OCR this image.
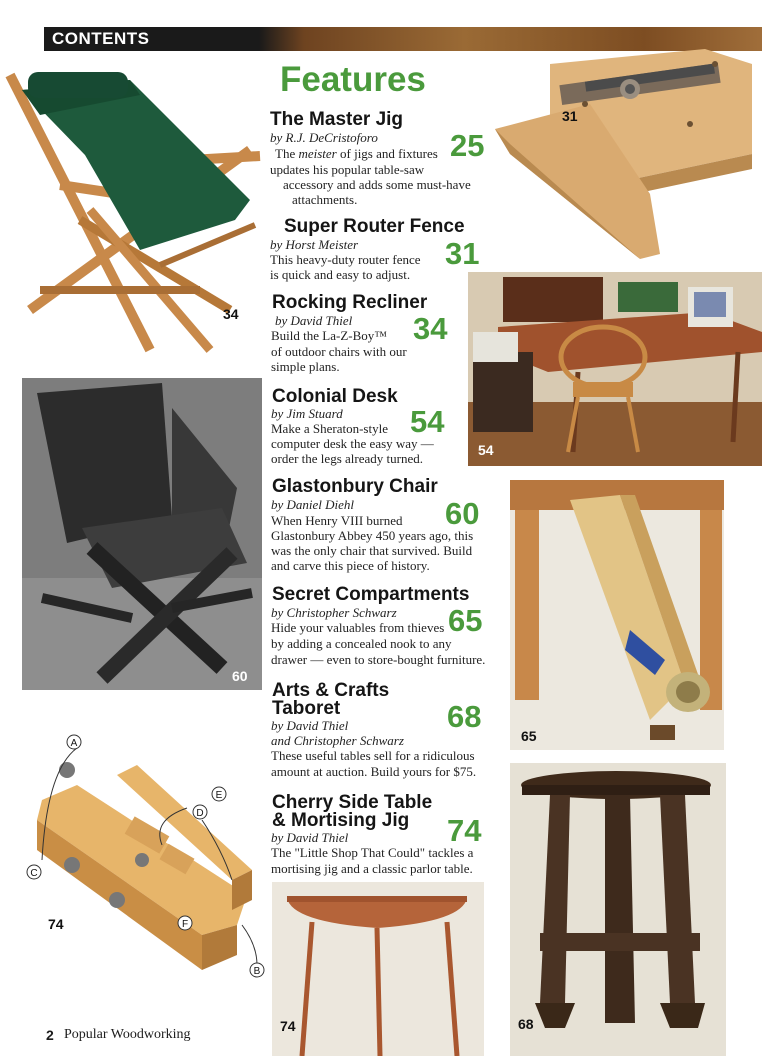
CONTENTS
Features
34
31
54
60
65
68
74
A
B
C
D
E
F
74
The Master Jig
by R.J. DeCristoforo
The meister of jigs and fixtures
updates his popular table-saw
accessory and adds some must-have
attachments.
25
Super Router Fence
by Horst Meister
This heavy-duty router fence
is quick and easy to adjust.
31
Rocking Recliner
by David Thiel
Build the La-Z-Boy™
of outdoor chairs with our
simple plans.
34
Colonial Desk
by Jim Stuard
Make a Sheraton-style
computer desk the easy way —
order the legs already turned.
54
Glastonbury Chair
by Daniel Diehl
When Henry VIII burned
Glastonbury Abbey 450 years ago, this
was the only chair that survived. Build
and carve this piece of history.
60
Secret Compartments
by Christopher Schwarz
Hide your valuables from thieves
by adding a concealed nook to any
drawer — even to store-bought furniture.
65
Arts & Crafts
Taboret
by David Thiel
and Christopher Schwarz
These useful tables sell for a ridiculous
amount at auction. Build yours for $75.
68
Cherry Side Table
& Mortising Jig
by David Thiel
The "Little Shop That Could" tackles a
mortising jig and a classic parlor table.
74
2 Popular Woodworking
